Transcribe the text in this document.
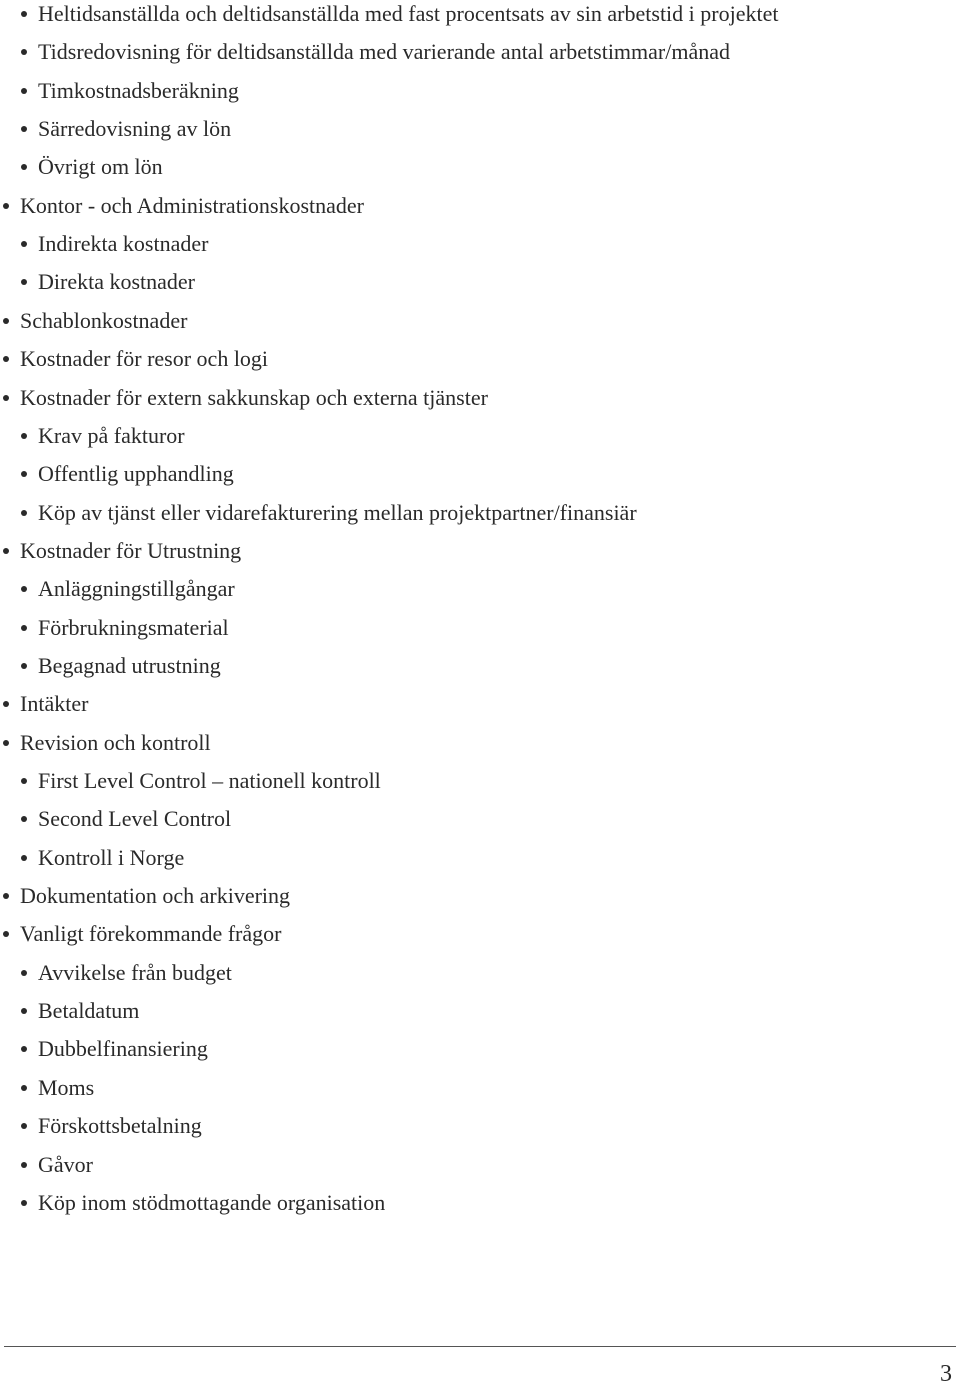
Heltidsanställda och deltidsanställda med fast procentsats av sin arbetstid i projektet
Tidsredovisning för deltidsanställda med varierande antal arbetstimmar/månad
Timkostnadsberäkning
Särredovisning av lön
Övrigt om lön
Kontor - och Administrationskostnader
Indirekta kostnader
Direkta kostnader
Schablonkostnader
Kostnader för resor och logi
Kostnader för extern sakkunskap och externa tjänster
Krav på fakturor
Offentlig upphandling
Köp av tjänst eller vidarefakturering mellan projektpartner/finansiär
Kostnader för Utrustning
Anläggningstillgångar
Förbrukningsmaterial
Begagnad utrustning
Intäkter
Revision och kontroll
First Level Control – nationell kontroll
Second Level Control
Kontroll i Norge
Dokumentation och arkivering
Vanligt förekommande frågor
Avvikelse från budget
Betaldatum
Dubbelfinansiering
Moms
Förskottsbetalning
Gåvor
Köp inom stödmottagande organisation
3
